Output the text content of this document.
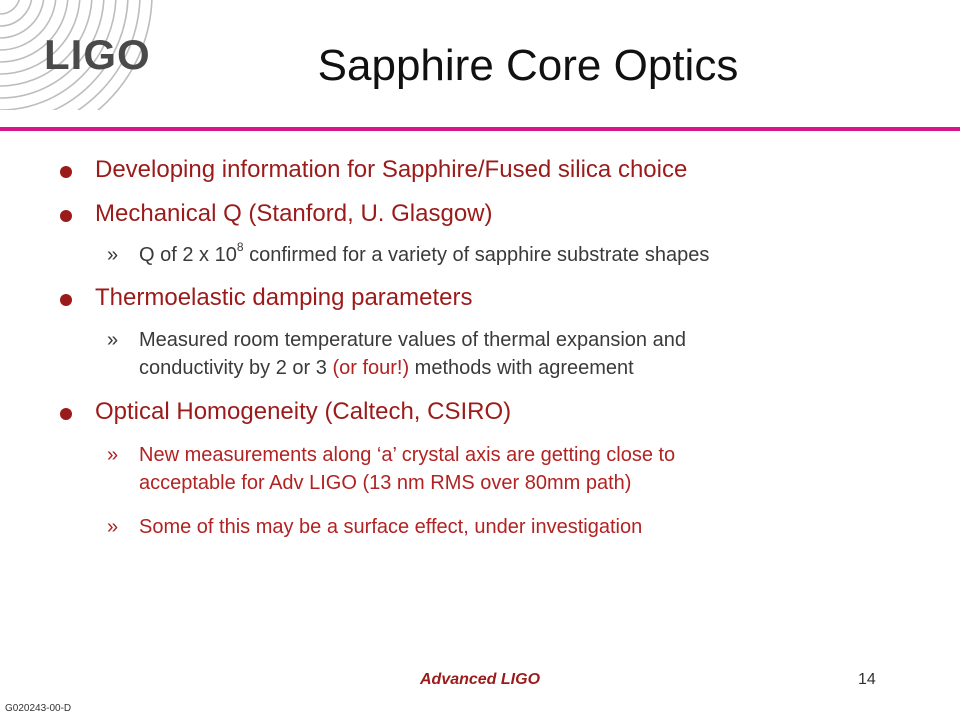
LIGO	Sapphire Core Optics
Developing information for Sapphire/Fused silica choice
Mechanical Q (Stanford, U. Glasgow)
» Q of 2 x $10^8$ confirmed for a variety of sapphire substrate shapes
Thermoelastic damping parameters
» Measured room temperature values of thermal expansion and
conductivity by 2 or 3 (or four!) methods with agreement
Optical Homogeneity (Caltech, CSIRO)
» New measurements along ‘a’ crystal axis are getting close to
acceptable for Adv LIGO (13 nm RMS over 80mm path)
» Some of this may be a surface effect, under investigation
Advanced LIGO	14
G020243-00-D
